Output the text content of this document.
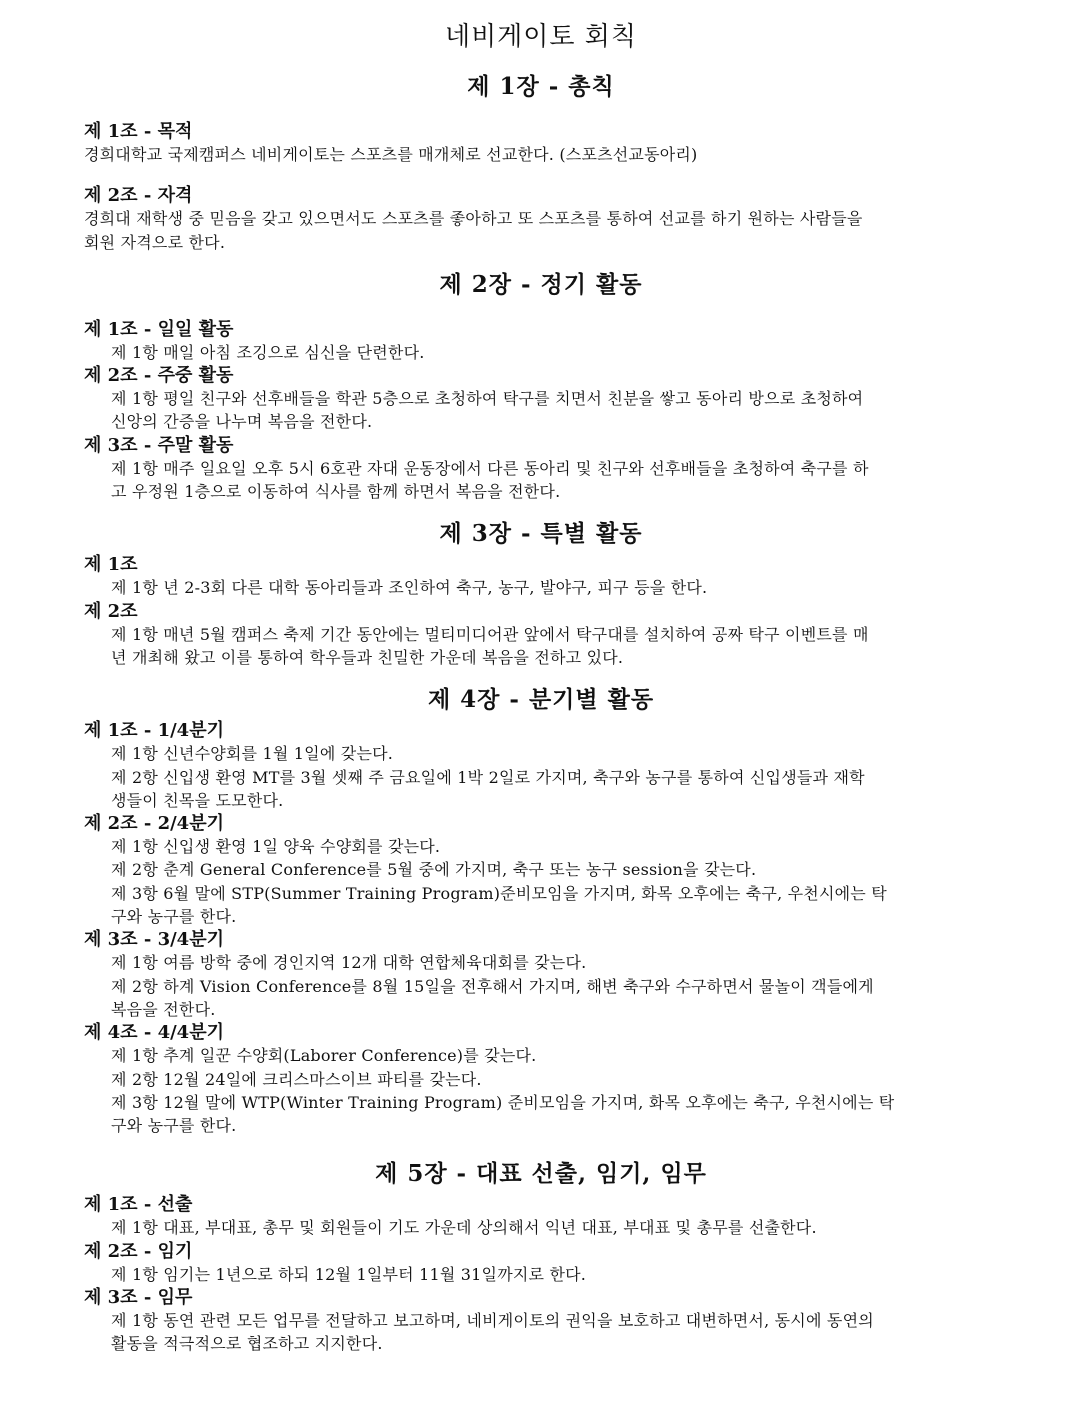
네비게이토 회칙
제 1장 - 총칙
제 1조 - 목적

경희대학교 국제캠퍼스 네비게이토는 스포츠를 매개체로 선교한다. (스포츠선교동아리)

제 2조 - 자격

경희대 재학생 중 믿음을 갖고 있으면서도 스포츠를 좋아하고 또 스포츠를 통하여 선교를 하기 원하는 사람들을

회원 자격으로 한다.

제 2장 - 정기 활동
제 1조 - 일일 활동

제 1항 매일 아침 조깅으로 심신을 단련한다.

제 2조 - 주중 활동

제 1항 평일 친구와 선후배들을 학관 5층으로 초청하여 탁구를 치면서 친분을 쌓고 동아리 방으로 초청하여

신앙의 간증을 나누며 복음을 전한다.

제 3조 - 주말 활동

제 1항 매주 일요일 오후 5시 6호관 자대 운동장에서 다른 동아리 및 친구와 선후배들을 초청하여 축구를 하

고 우정원 1층으로 이동하여 식사를 함께 하면서 복음을 전한다.

제 3장 - 특별 활동
제 1조

제 1항 년 2-3회 다른 대학 동아리들과 조인하여 축구, 농구, 발야구, 피구 등을 한다.

제 2조

제 1항 매년 5월 캠퍼스 축제 기간 동안에는 멀티미디어관 앞에서 탁구대를 설치하여 공짜 탁구 이벤트를 매

년 개최해 왔고 이를 통하여 학우들과 친밀한 가운데 복음을 전하고 있다.

제 4장 - 분기별 활동
제 1조 - 1/4분기

제 1항 신년수양회를 1월 1일에 갖는다.

제 2항 신입생 환영 MT를 3월 셋째 주 금요일에 1박 2일로 가지며, 축구와 농구를 통하여 신입생들과 재학

생들이 친목을 도모한다.

제 2조 - 2/4분기

제 1항 신입생 환영 1일 양육 수양회를 갖는다.

제 2항 춘계 General Conference를 5월 중에 가지며, 축구 또는 농구 session을 갖는다.

제 3항 6월 말에 STP(Summer Training Program)준비모임을 가지며, 화목 오후에는 축구, 우천시에는 탁

구와 농구를 한다.

제 3조 - 3/4분기

제 1항 여름 방학 중에 경인지역 12개 대학 연합체육대회를 갖는다.

제 2항 하계 Vision Conference를 8월 15일을 전후해서 가지며, 해변 축구와 수구하면서 물놀이 객들에게

복음을 전한다.

제 4조 - 4/4분기

제 1항 추계 일꾼 수양회(Laborer Conference)를 갖는다.

제 2항 12월 24일에 크리스마스이브 파티를 갖는다.

제 3항 12월 말에 WTP(Winter Training Program) 준비모임을 가지며, 화목 오후에는 축구, 우천시에는 탁

구와 농구를 한다.

제 5장 - 대표 선출, 임기, 임무
제 1조 - 선출

제 1항 대표, 부대표, 총무 및 회원들이 기도 가운데 상의해서 익년 대표, 부대표 및 총무를 선출한다.

제 2조 - 임기

제 1항 임기는 1년으로 하되 12월 1일부터 11월 31일까지로 한다.

제 3조 - 임무

제 1항 동연 관련 모든 업무를 전달하고 보고하며, 네비게이토의 권익을 보호하고 대변하면서, 동시에 동연의

활동을 적극적으로 협조하고 지지한다.
